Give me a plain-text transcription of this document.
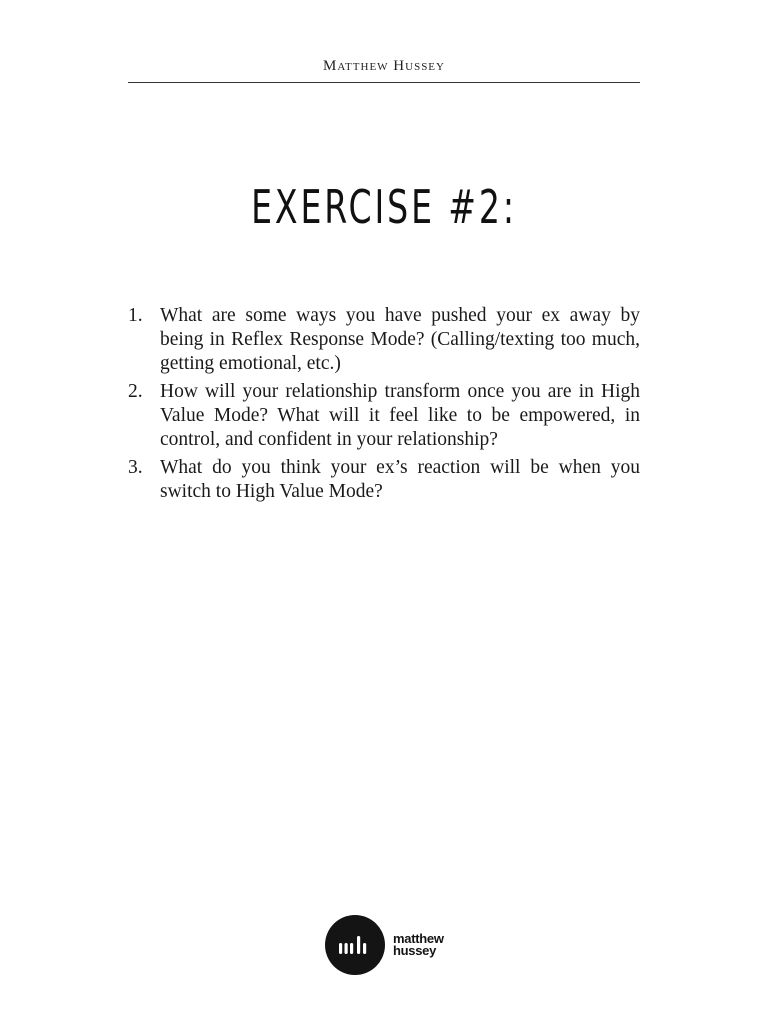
Matthew Hussey
EXERCISE #2:
1. What are some ways you have pushed your ex away by being in Reflex Response Mode? (Calling/texting too much, getting emotional, etc.)
2. How will your relationship transform once you are in High Value Mode? What will it feel like to be empowered, in control, and confident in your relationship?
3. What do you think your ex’s reaction will be when you switch to High Value Mode?
matthew
hussey
